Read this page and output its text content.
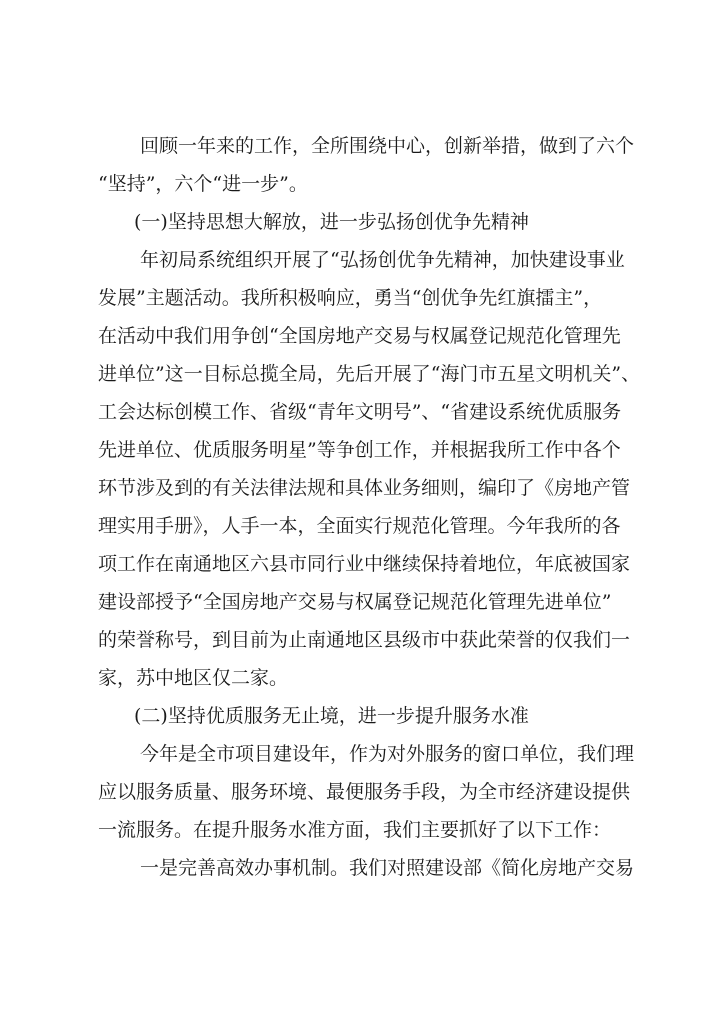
回顾一年来的工作，全所围绕中心，创新举措，做到了六个
“坚持”，六个“进一步”。
(一)坚持思想大解放，进一步弘扬创优争先精神
年初局系统组织开展了“弘扬创优争先精神，加快建设事业
发展”主题活动。我所积极响应，勇当“创优争先红旗擂主”，
在活动中我们用争创“全国房地产交易与权属登记规范化管理先
进单位”这一目标总揽全局，先后开展了“海门市五星文明机关”、
工会达标创模工作、省级“青年文明号”、“省建设系统优质服务
先进单位、优质服务明星”等争创工作，并根据我所工作中各个
环节涉及到的有关法律法规和具体业务细则，编印了《房地产管
理实用手册》，人手一本，全面实行规范化管理。今年我所的各
项工作在南通地区六县市同行业中继续保持着地位，年底被国家
建设部授予“全国房地产交易与权属登记规范化管理先进单位”
的荣誉称号，到目前为止南通地区县级市中获此荣誉的仅我们一
家，苏中地区仅二家。
(二)坚持优质服务无止境，进一步提升服务水准
今年是全市项目建设年，作为对外服务的窗口单位，我们理
应以服务质量、服务环境、最便服务手段，为全市经济建设提供
一流服务。在提升服务水准方面，我们主要抓好了以下工作：
一是完善高效办事机制。我们对照建设部《简化房地产交易
